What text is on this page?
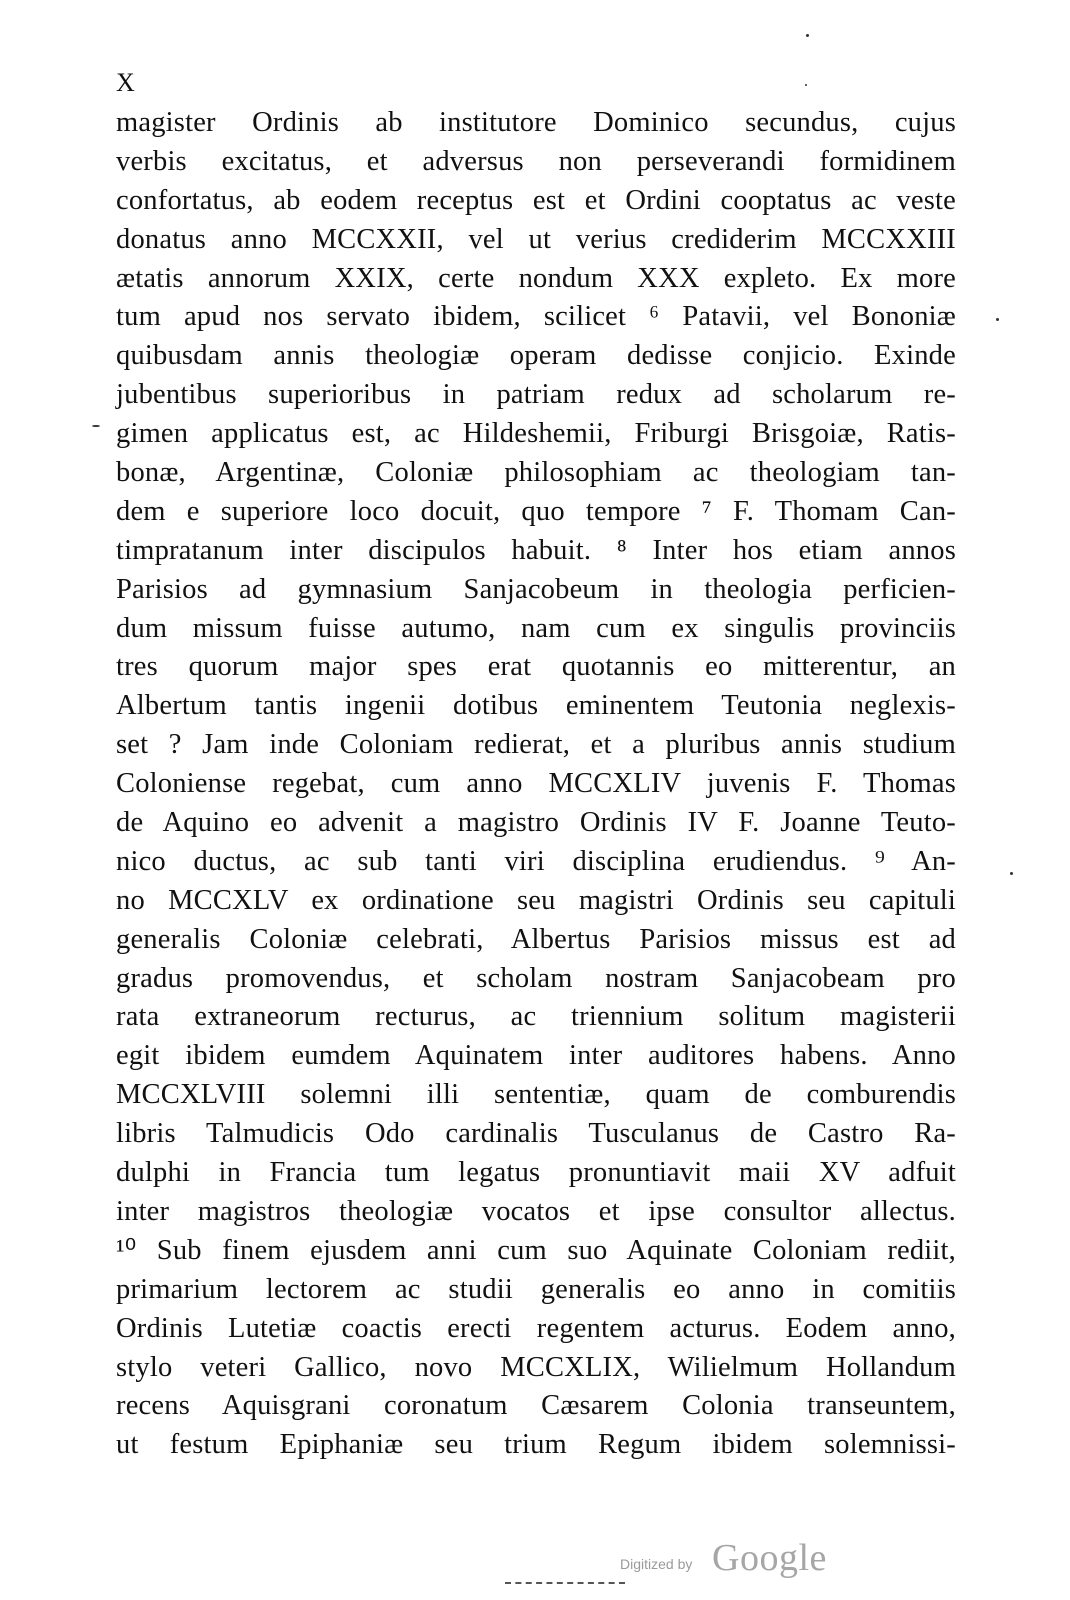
X
magister Ordinis ab institutore Dominico secundus, cujus
verbis excitatus, et adversus non perseverandi formidinem
confortatus, ab eodem receptus est et Ordini cooptatus ac veste
donatus anno MCCXXII, vel ut verius crediderim MCCXXIII
ætatis annorum XXIX, certe nondum XXX expleto. Ex more
tum apud nos servato ibidem, scilicet ⁶ Patavii, vel Bononiæ
quibusdam annis theologiæ operam dedisse conjicio. Exinde
jubentibus superioribus in patriam redux ad scholarum re-
gimen applicatus est, ac Hildeshemii, Friburgi Brisgoiæ, Ratis-
bonæ, Argentinæ, Coloniæ philosophiam ac theologiam tan-
dem e superiore loco docuit, quo tempore ⁷ F. Thomam Can-
timpratanum inter discipulos habuit. ⁸ Inter hos etiam annos
Parisios ad gymnasium Sanjacobeum in theologia perficien-
dum missum fuisse autumo, nam cum ex singulis provinciis
tres quorum major spes erat quotannis eo mitterentur, an
Albertum tantis ingenii dotibus eminentem Teutonia neglexis-
set ? Jam inde Coloniam redierat, et a pluribus annis studium
Coloniense regebat, cum anno MCCXLIV juvenis F. Thomas
de Aquino eo advenit a magistro Ordinis IV F. Joanne Teuto-
nico ductus, ac sub tanti viri disciplina erudiendus. ⁹ An-
no MCCXLV ex ordinatione seu magistri Ordinis seu capituli
generalis Coloniæ celebrati, Albertus Parisios missus est ad
gradus promovendus, et scholam nostram Sanjacobeam pro
rata extraneorum recturus, ac triennium solitum magisterii
egit ibidem eumdem Aquinatem inter auditores habens. Anno
MCCXLVIII solemni illi sententiæ, quam de comburendis
libris Talmudicis Odo cardinalis Tusculanus de Castro Ra-
dulphi in Francia tum legatus pronuntiavit maii XV adfuit
inter magistros theologiæ vocatos et ipse consultor allectus.
¹⁰ Sub finem ejusdem anni cum suo Aquinate Coloniam rediit,
primarium lectorem ac studii generalis eo anno in comitiis
Ordinis Lutetiæ coactis erecti regentem acturus. Eodem anno,
stylo veteri Gallico, novo MCCXLIX, Wilielmum Hollandum
recens Aquisgrani coronatum Cæsarem Colonia transeuntem,
ut festum Epiphaniæ seu trium Regum ibidem solemnissi-
Digitized by Google
